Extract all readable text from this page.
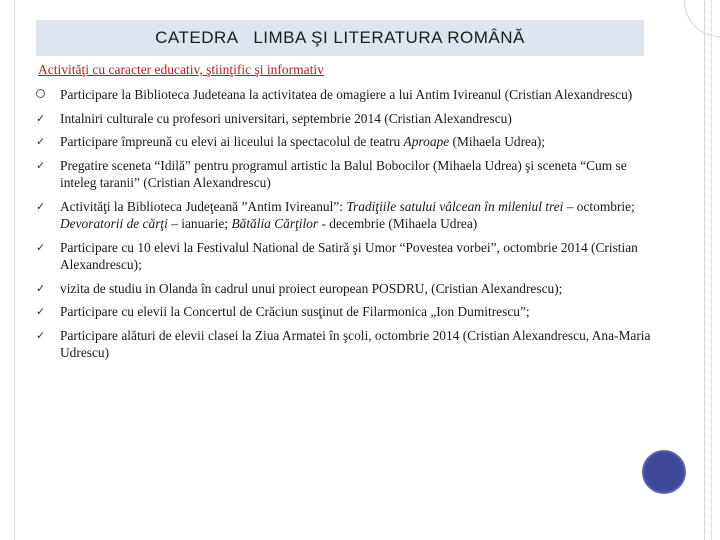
CATEDRA   LIMBA ŞI LITERATURA ROMÂNĂ
Activităţi cu caracter educativ, ştiinţific şi informativ
Participare la Biblioteca Judeteana la activitatea de omagiere a lui Antim Ivireanul (Cristian Alexandrescu)
✓	Intalniri culturale cu profesori universitari, septembrie 2014 (Cristian Alexandrescu)
✓	Participare împreună cu elevi ai liceului la spectacolul de teatru Aproape (Mihaela Udrea);
✓	Pregatire sceneta “Idilă” pentru programul artistic la Balul Bobocilor (Mihaela Udrea) şi sceneta “Cum se inteleg taranii” (Cristian Alexandrescu)
✓	Activităţi la Biblioteca Judeţeană ”Antim Ivireanul”: Tradiţiile satului vâlcean în mileniul trei – octombrie; Devoratorii de cărţi – ianuarie; Bătălia Cărţilor - decembrie (Mihaela Udrea)
✓	Participare cu 10 elevi la Festivalul National de Satiră şi Umor “Povestea vorbei”, octombrie 2014 (Cristian Alexandrescu);
✓	vizita de studiu in Olanda în cadrul unui proiect european POSDRU, (Cristian Alexandrescu);
✓	Participare cu elevii la Concertul de Crăciun susţinut de Filarmonica „Ion Dumitrescu”;
✓	Participare alături de elevii clasei la Ziua Armatei în şcoli, octombrie 2014 (Cristian Alexandrescu, Ana-Maria Udrescu)
